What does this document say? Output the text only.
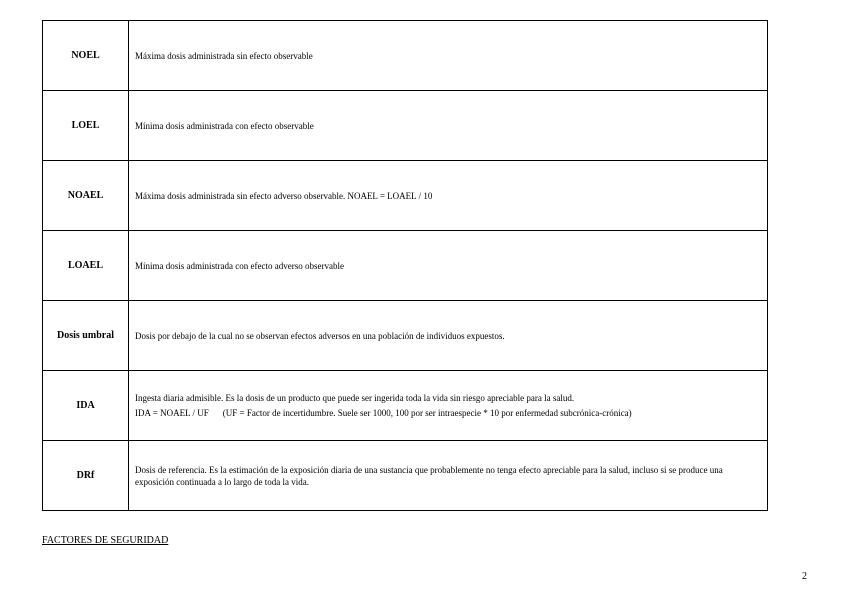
NOEL	Máxima dosis administrada sin efecto observable
LOEL	Mínima dosis administrada con efecto observable
NOAEL	Máxima dosis administrada sin efecto adverso observable. NOAEL = LOAEL / 10
LOAEL	Mínima dosis administrada con efecto adverso observable
Dosis umbral	Dosis por debajo de la cual no se observan efectos adversos en una población de individuos expuestos.
IDA	Ingesta diaria admisible. Es la dosis de un producto que puede ser ingerida toda la vida sin riesgo apreciable para la salud.
IDA = NOAEL / UF (UF = Factor de incertidumbre. Suele ser 1000, 100 por ser intraespecie * 10 por enfermedad subcrónica-crónica)

DRf	Dosis de referencia. Es la estimación de la exposición diaria de una sustancia que probablemente no tenga efecto apreciable para la salud, incluso si se produce una exposición continuada a lo largo de toda la vida.
FACTORES DE SEGURIDAD
2
